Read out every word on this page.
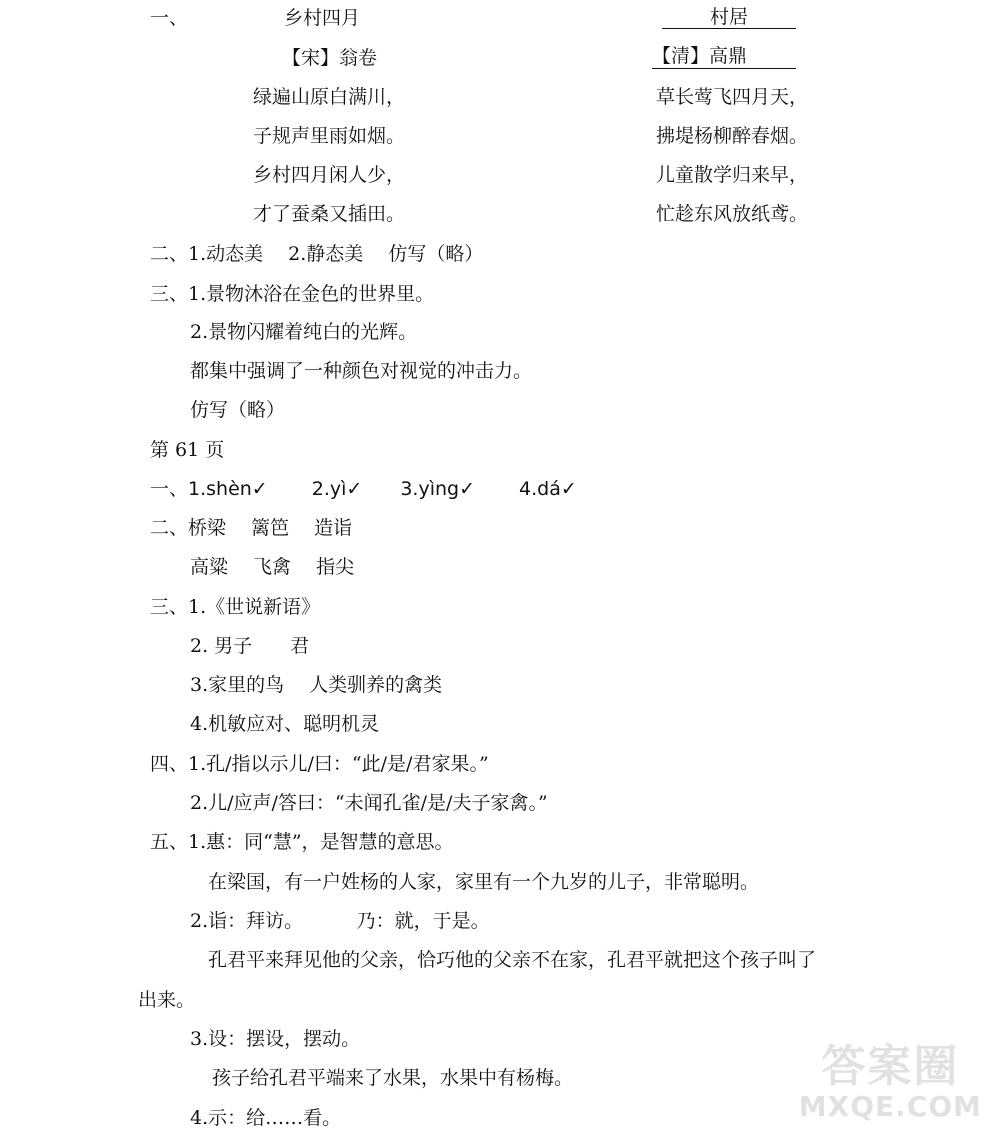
一、	乡村四月
【宋】翁卷
绿遍山原白满川，
子规声里雨如烟。
乡村四月闲人少，
才了蚕桑又插田。
村居
【清】高鼎
草长莺飞四月天，
拂堤杨柳醉春烟。
儿童散学归来早，
忙趁东风放纸鸢。
二、1.动态美　 2.静态美　 仿写（略）
三、1.景物沐浴在金色的世界里。
2.景物闪耀着纯白的光辉。
都集中强调了一种颜色对视觉的冲击力。
仿写（略）
第 61 页
一、1.shèn✓　　 2.yì✓　　3.yìng✓　　 4.dá✓
二、桥梁　 篱笆　 造诣
高粱　 飞禽　 指尖
三、1.《世说新语》
2. 男子　　君
3.家里的鸟　 人类驯养的禽类
4.机敏应对、聪明机灵
四、1.孔/指以示儿/曰：“此/是/君家果。”
2.儿/应声/答曰：“未闻孔雀/是/夫子家禽。”
五、1.惠：同“慧”，是智慧的意思。
在梁国，有一户姓杨的人家，家里有一个九岁的儿子，非常聪明。
2.诣：拜访。　　　 乃：就，于是。
孔君平来拜见他的父亲，恰巧他的父亲不在家，孔君平就把这个孩子叫了
出来。
3.设：摆设，摆动。
孩子给孔君平端来了水果，水果中有杨梅。
4.示：给……看。
答案圈
MXQE.COM
